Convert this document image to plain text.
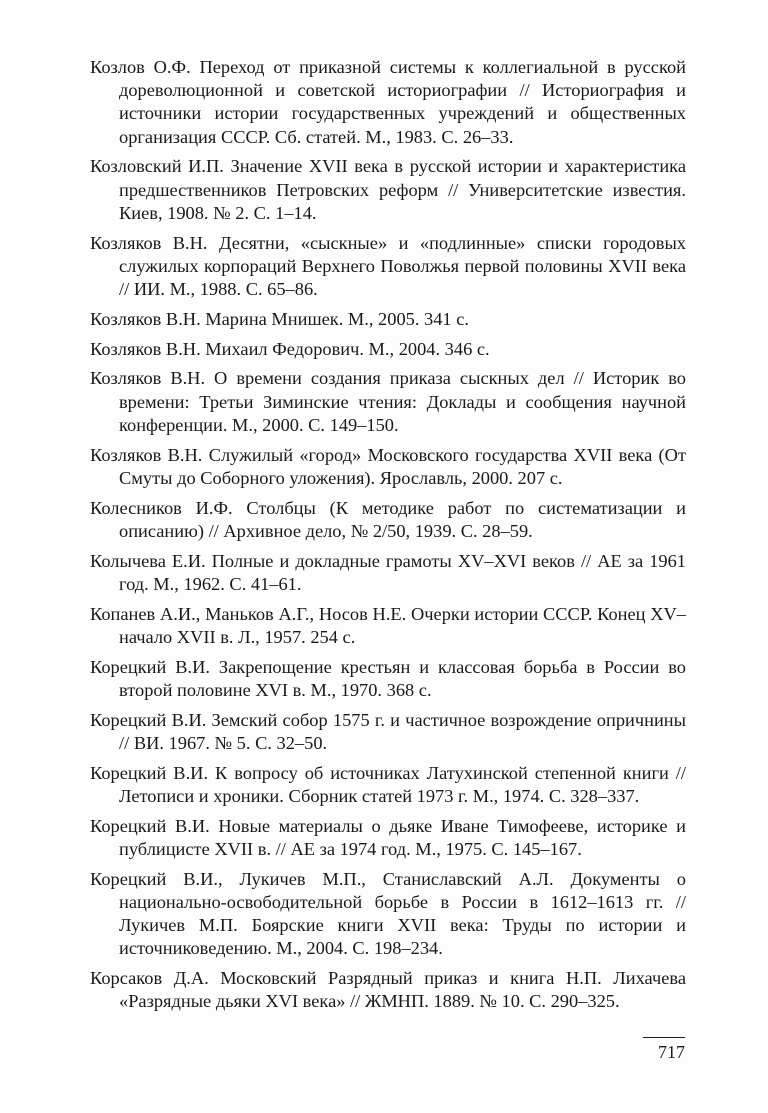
Козлов О.Ф. Переход от приказной системы к коллегиальной в русской дореволюционной и советской историографии // Историография и источники истории государственных учреждений и общественных организация СССР. Сб. статей. М., 1983. С. 26–33.
Козловский И.П. Значение XVII века в русской истории и характеристика предшественников Петровских реформ // Университетские известия. Киев, 1908. № 2. С. 1–14.
Козляков В.Н. Десятни, «сыскные» и «подлинные» списки городовых служилых корпораций Верхнего Поволжья первой половины XVII века // ИИ. М., 1988. С. 65–86.
Козляков В.Н. Марина Мнишек. М., 2005. 341 с.
Козляков В.Н. Михаил Федорович. М., 2004. 346 с.
Козляков В.Н. О времени создания приказа сыскных дел // Историк во времени: Третьи Зиминские чтения: Доклады и сообщения научной конференции. М., 2000. С. 149–150.
Козляков В.Н. Служилый «город» Московского государства XVII века (От Смуты до Соборного уложения). Ярославль, 2000. 207 с.
Колесников И.Ф. Столбцы (К методике работ по систематизации и описанию) // Архивное дело, № 2/50, 1939. С. 28–59.
Колычева Е.И. Полные и докладные грамоты XV–XVI веков // АЕ за 1961 год. М., 1962. С. 41–61.
Копанев А.И., Маньков А.Г., Носов Н.Е. Очерки истории СССР. Конец XV–начало XVII в. Л., 1957. 254 с.
Корецкий В.И. Закрепощение крестьян и классовая борьба в России во второй половине XVI в. М., 1970. 368 с.
Корецкий В.И. Земский собор 1575 г. и частичное возрождение опричнины // ВИ. 1967. № 5. С. 32–50.
Корецкий В.И. К вопросу об источниках Латухинской степенной книги // Летописи и хроники. Сборник статей 1973 г. М., 1974. С. 328–337.
Корецкий В.И. Новые материалы о дьяке Иване Тимофееве, историке и публицисте XVII в. // АЕ за 1974 год. М., 1975. С. 145–167.
Корецкий В.И., Лукичев М.П., Станиславский А.Л. Документы о национально-освободительной борьбе в России в 1612–1613 гг. // Лукичев М.П. Боярские книги XVII века: Труды по истории и источниковедению. М., 2004. С. 198–234.
Корсаков Д.А. Московский Разрядный приказ и книга Н.П. Лихачева «Разрядные дьяки XVI века» // ЖМНП. 1889. № 10. С. 290–325.
717
